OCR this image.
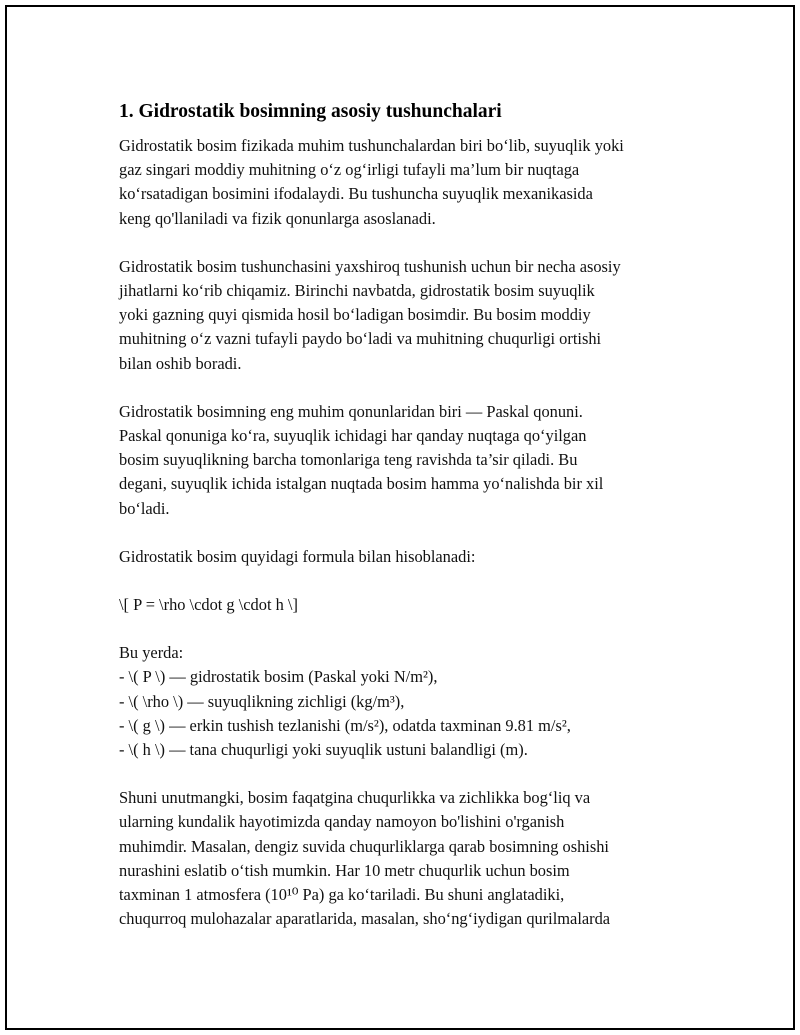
1. Gidrostatik bosimning asosiy tushunchalari
Gidrostatik bosim fizikada muhim tushunchalardan biri bo‘lib, suyuqlik yoki
gaz singari moddiy muhitning o‘z og‘irligi tufayli ma’lum bir nuqtaga
ko‘rsatadigan bosimini ifodalaydi. Bu tushuncha suyuqlik mexanikasida
keng qo'llaniladi va fizik qonunlarga asoslanadi.
Gidrostatik bosim tushunchasini yaxshiroq tushunish uchun bir necha asosiy
jihatlarni ko‘rib chiqamiz. Birinchi navbatda, gidrostatik bosim suyuqlik
yoki gazning quyi qismida hosil bo‘ladigan bosimdir. Bu bosim moddiy
muhitning o‘z vazni tufayli paydo bo‘ladi va muhitning chuqurligi ortishi
bilan oshib boradi.
Gidrostatik bosimning eng muhim qonunlaridan biri — Paskal qonuni.
Paskal qonuniga ko‘ra, suyuqlik ichidagi har qanday nuqtaga qo‘yilgan
bosim suyuqlikning barcha tomonlariga teng ravishda ta’sir qiladi. Bu
degani, suyuqlik ichida istalgan nuqtada bosim hamma yo‘nalishda bir xil
bo‘ladi.
Gidrostatik bosim quyidagi formula bilan hisoblanadi:
\[ P = \rho \cdot g \cdot h \]
Bu yerda:
- \( P \) — gidrostatik bosim (Paskal yoki N/m²),
- \( \rho \) — suyuqlikning zichligi (kg/m³),
- \( g \) — erkin tushish tezlanishi (m/s²), odatda taxminan 9.81 m/s²,
- \( h \) — tana chuqurligi yoki suyuqlik ustuni balandligi (m).
Shuni unutmangki, bosim faqatgina chuqurlikka va zichlikka bog‘liq va
ularning kundalik hayotimizda qanday namoyon bo'lishini o'rganish
muhimdir. Masalan, dengiz suvida chuqurliklarga qarab bosimning oshishi
nurashini eslatib o‘tish mumkin. Har 10 metr chuqurlik uchun bosim
taxminan 1 atmosfera (10¹⁰ Pa) ga ko‘tariladi. Bu shuni anglatadiki,
chuqurroq mulohazalar aparatlarida, masalan, sho‘ng‘iydigan qurilmalarda
